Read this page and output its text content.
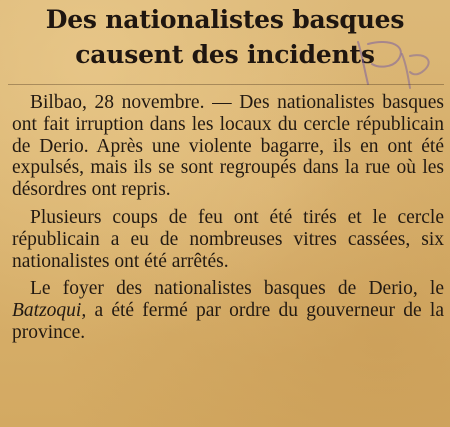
Des nationalistes basques
causent des incidents

Bilbao, 28 novembre. — Des nationalistes basques ont fait irruption dans les locaux du cercle républicain de Derio. Après une violente bagarre, ils en ont été expulsés, mais ils se sont regroupés dans la rue où les désordres ont repris.

Plusieurs coups de feu ont été tirés et le cercle républicain a eu de nombreuses vitres cassées, six nationalistes ont été arrêtés.

Le foyer des nationalistes basques de Derio, le Batzoqui, a été fermé par ordre du gouverneur de la province.
